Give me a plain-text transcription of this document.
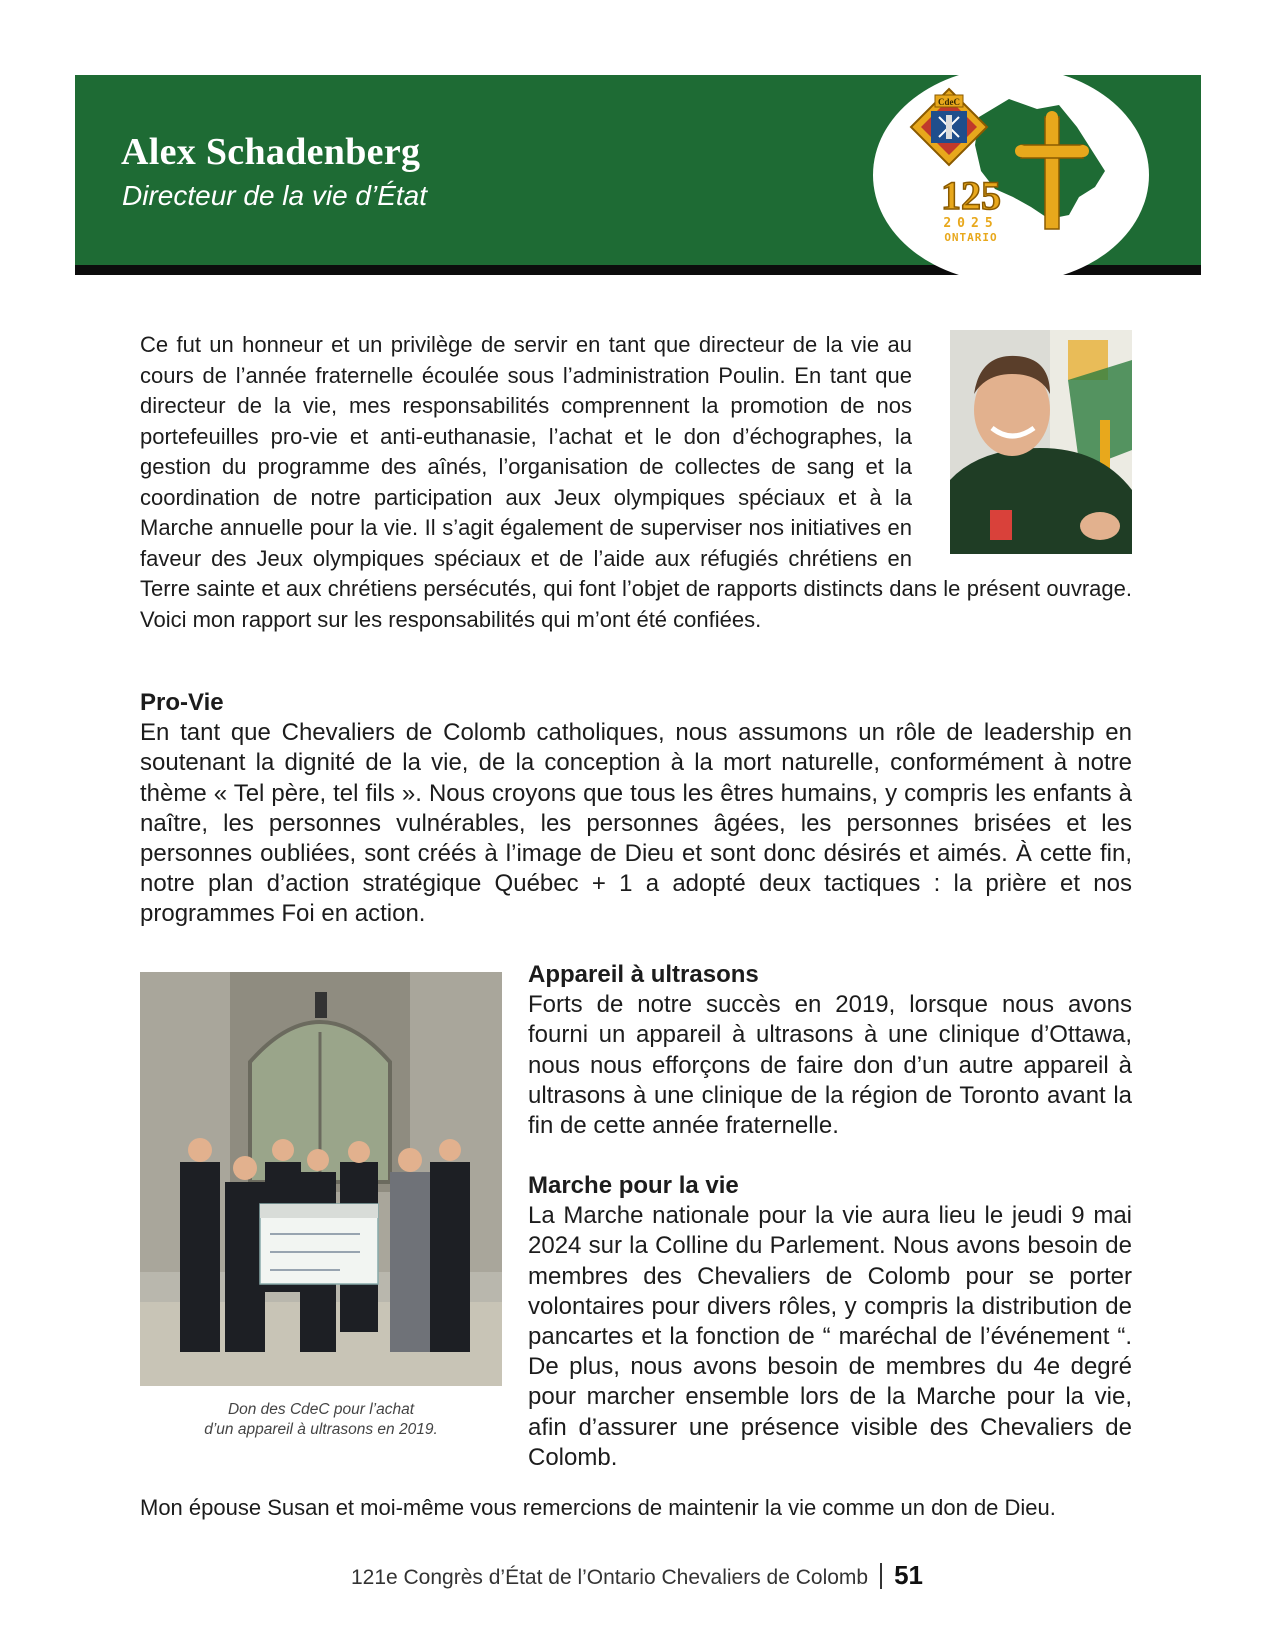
Alex Schadenberg

Directeur de la vie d’État

CdeC
125
2025
ONTARIO
Ce fut un honneur et un privilège de servir en tant que directeur de la vie au cours de l’année fraternelle écoulée sous l’administration Poulin. En tant que directeur de la vie, mes responsabilités comprennent la promotion de nos portefeuilles pro-vie et anti-euthanasie, l’achat et le don d’échographes, la gestion du programme des aînés, l’organisation de collectes de sang et la coordination de notre participation aux Jeux olympiques spéciaux et à la Marche annuelle pour la vie. Il s’agit également de superviser nos initiatives en faveur des Jeux olympiques spéciaux et de l’aide aux réfugiés chrétiens en Terre sainte et aux chrétiens persécutés, qui font l’objet de rapports distincts dans le présent ouvrage. Voici mon rapport sur les responsabilités qui m’ont été confiées.
Pro-Vie
En tant que Chevaliers de Colomb catholiques, nous assumons un rôle de leadership en soutenant la dignité de la vie, de la conception à la mort naturelle, conformément à notre thème « Tel père, tel fils ». Nous croyons que tous les êtres humains, y compris les enfants à naître, les personnes vulnérables, les personnes âgées, les personnes brisées et les personnes oubliées, sont créés à l’image de Dieu et sont donc désirés et aimés. À cette fin, notre plan d’action stratégique Québec + 1 a adopté deux tactiques : la prière et nos programmes Foi en action.

Don des CdeC pour l’achat
d’un appareil à ultrasons en 2019.

Appareil à ultrasons
Forts de notre succès en 2019, lorsque nous avons fourni un appareil à ultrasons à une clinique d’Ottawa, nous nous efforçons de faire don d’un autre appareil à ultrasons à une clinique de la région de Toronto avant la fin de cette année fraternelle.

Marche pour la vie
La Marche nationale pour la vie aura lieu le jeudi 9 mai 2024 sur la Colline du Parlement. Nous avons besoin de membres des Chevaliers de Colomb pour se porter volontaires pour divers rôles, y compris la distribution de pancartes et la fonction de “ maréchal de l’événement “. De plus, nous avons besoin de membres du 4e degré pour marcher ensemble lors de la Marche pour la vie, afin d’assurer une présence visible des Chevaliers de Colomb.

Mon épouse Susan et moi-même vous remercions de maintenir la vie comme un don de Dieu.

121e Congrès d’État de l’Ontario Chevaliers de Colomb 51
